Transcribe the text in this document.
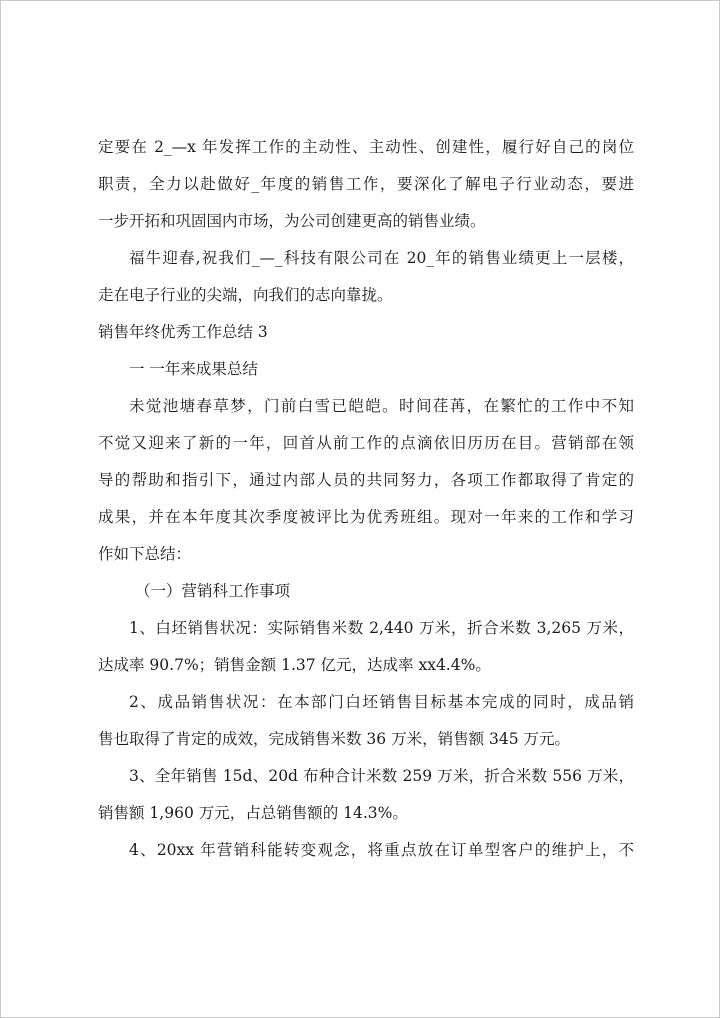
定要在 2_—x 年发挥工作的主动性、主动性、创建性，履行好自己的岗位
职责，全力以赴做好_年度的销售工作，要深化了解电子行业动态，要进
一步开拓和巩固国内市场，为公司创建更高的销售业绩。
福牛迎春,祝我们_—_科技有限公司在 20_年的销售业绩更上一层楼，
走在电子行业的尖端，向我们的志向靠拢。
销售年终优秀工作总结 3
一 一年来成果总结
未觉池塘春草梦，门前白雪已皑皑。时间荏苒，在繁忙的工作中不知
不觉又迎来了新的一年，回首从前工作的点滴依旧历历在目。营销部在领
导的帮助和指引下，通过内部人员的共同努力，各项工作都取得了肯定的
成果，并在本年度其次季度被评比为优秀班组。现对一年来的工作和学习
作如下总结：
（一）营销科工作事项
1、白坯销售状况：实际销售米数 2,440 万米，折合米数 3,265 万米，
达成率 90.7%；销售金额 1.37 亿元，达成率 xx4.4%。
2、成品销售状况：在本部门白坯销售目标基本完成的同时，成品销
售也取得了肯定的成效，完成销售米数 36 万米，销售额 345 万元。
3、全年销售 15d、20d 布种合计米数 259 万米，折合米数 556 万米，
销售额 1,960 万元，占总销售额的 14.3%。
4、20xx 年营销科能转变观念，将重点放在订单型客户的维护上，不
